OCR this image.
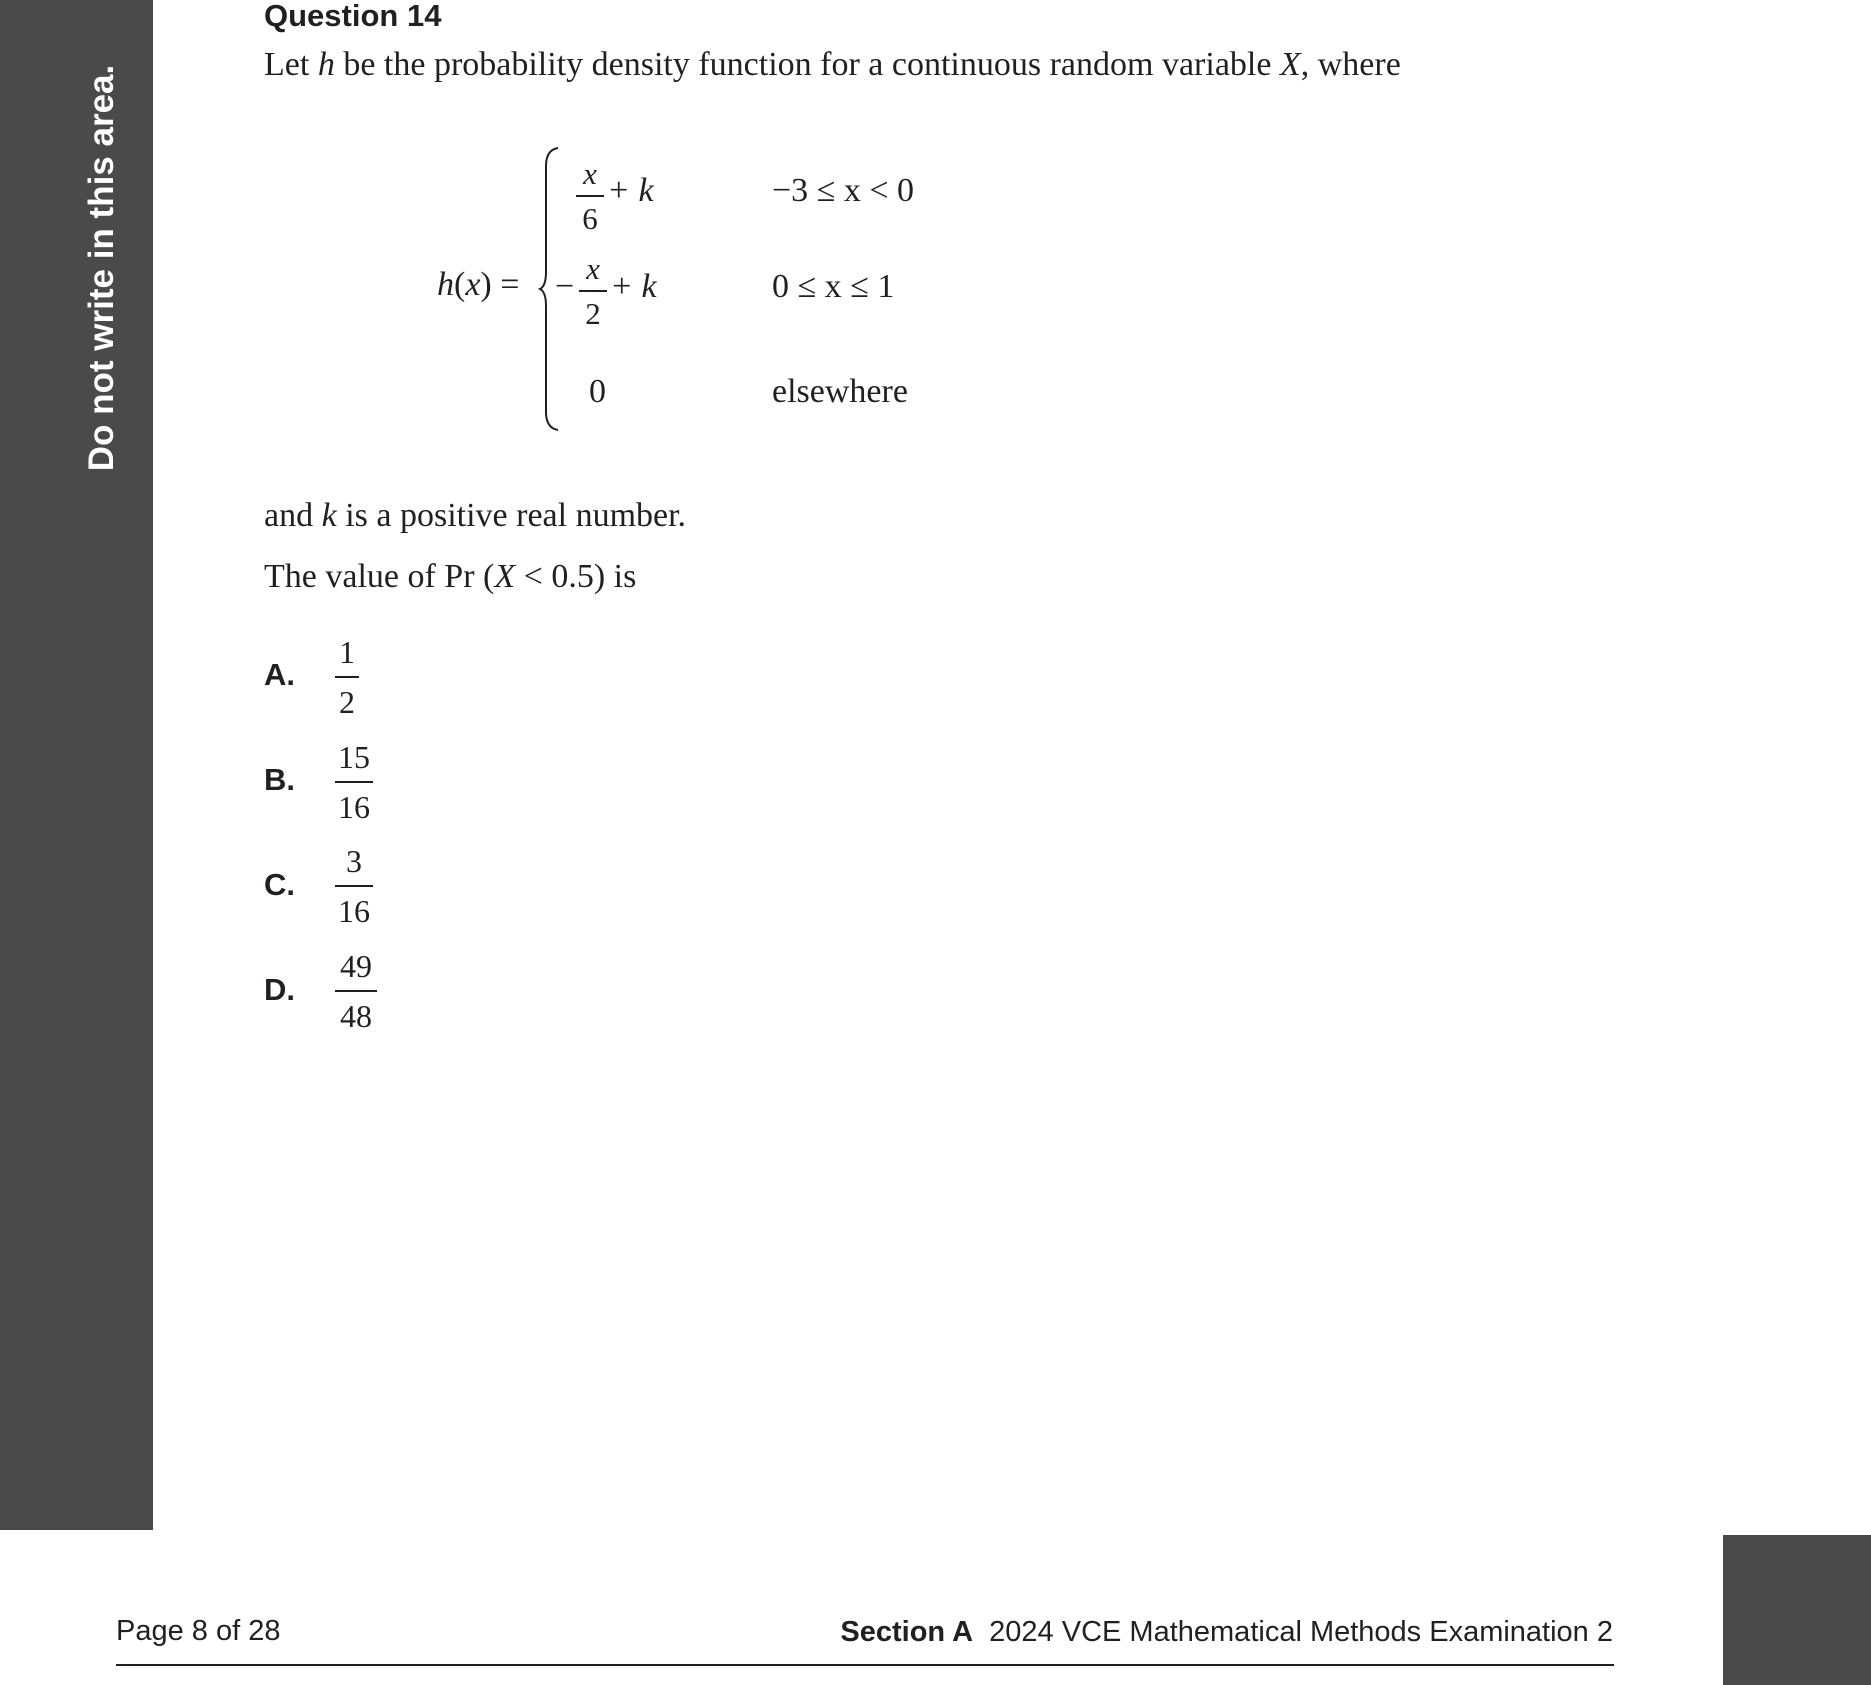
Do not write in this area.
Question 14
Let h be the probability density function for a continuous random variable X, where
h(x) =
x
6
+ k	−3 ≤ x < 0
− x
2
+ k	0 ≤ x ≤ 1
0	elsewhere
and k is a positive real number.
The value of Pr (X < 0.5) is
A.
1
2
B.
15
16
C.
3
16
D.
49
48
Page 8 of 28	Section A 2024 VCE Mathematical Methods Examination 2
